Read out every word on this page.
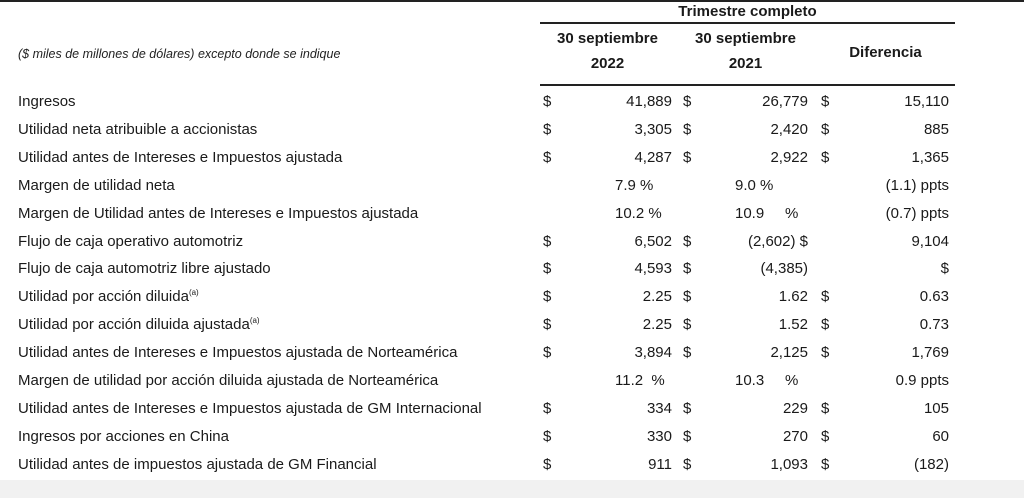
Trimestre completo
($ miles de millones de dólares) excepto donde se indique
30 septiembre
2022
30 septiembre
2021
Diferencia
Ingresos	$	41,889 $	26,779 $	15,110
Utilidad neta atribuible a accionistas	$	3,305 $	2,420 $	885
Utilidad antes de Intereses e Impuestos ajustada	$	4,287 $	2,922 $	1,365
Margen de utilidad neta	7.9 %	9.0 %	(1.1) ppts
Margen de Utilidad antes de Intereses e Impuestos ajustada	10.2 %	10.9     %	(0.7) ppts
Flujo de caja operativo automotriz	$	6,502 $	(2,602) $	9,104
Flujo de caja automotriz libre ajustado	$	4,593 $	(4,385)	$
Utilidad por acción diluida$^{(a)}$	$	2.25 $	1.62 $	0.63
Utilidad por acción diluida ajustada$^{(a)}$	$	2.25 $	1.52 $	0.73
Utilidad antes de Intereses e Impuestos ajustada de Norteamérica	$	3,894 $	2,125 $	1,769
Margen de utilidad por acción diluida ajustada de Norteamérica	11.2  %	10.3     %	0.9 ppts
Utilidad antes de Intereses e Impuestos ajustada de GM Internacional	$	334 $	229 $	105
Ingresos por acciones en China	$	330 $	270 $	60
Utilidad antes de impuestos ajustada de GM Financial	$	911 $	1,093 $	(182)
